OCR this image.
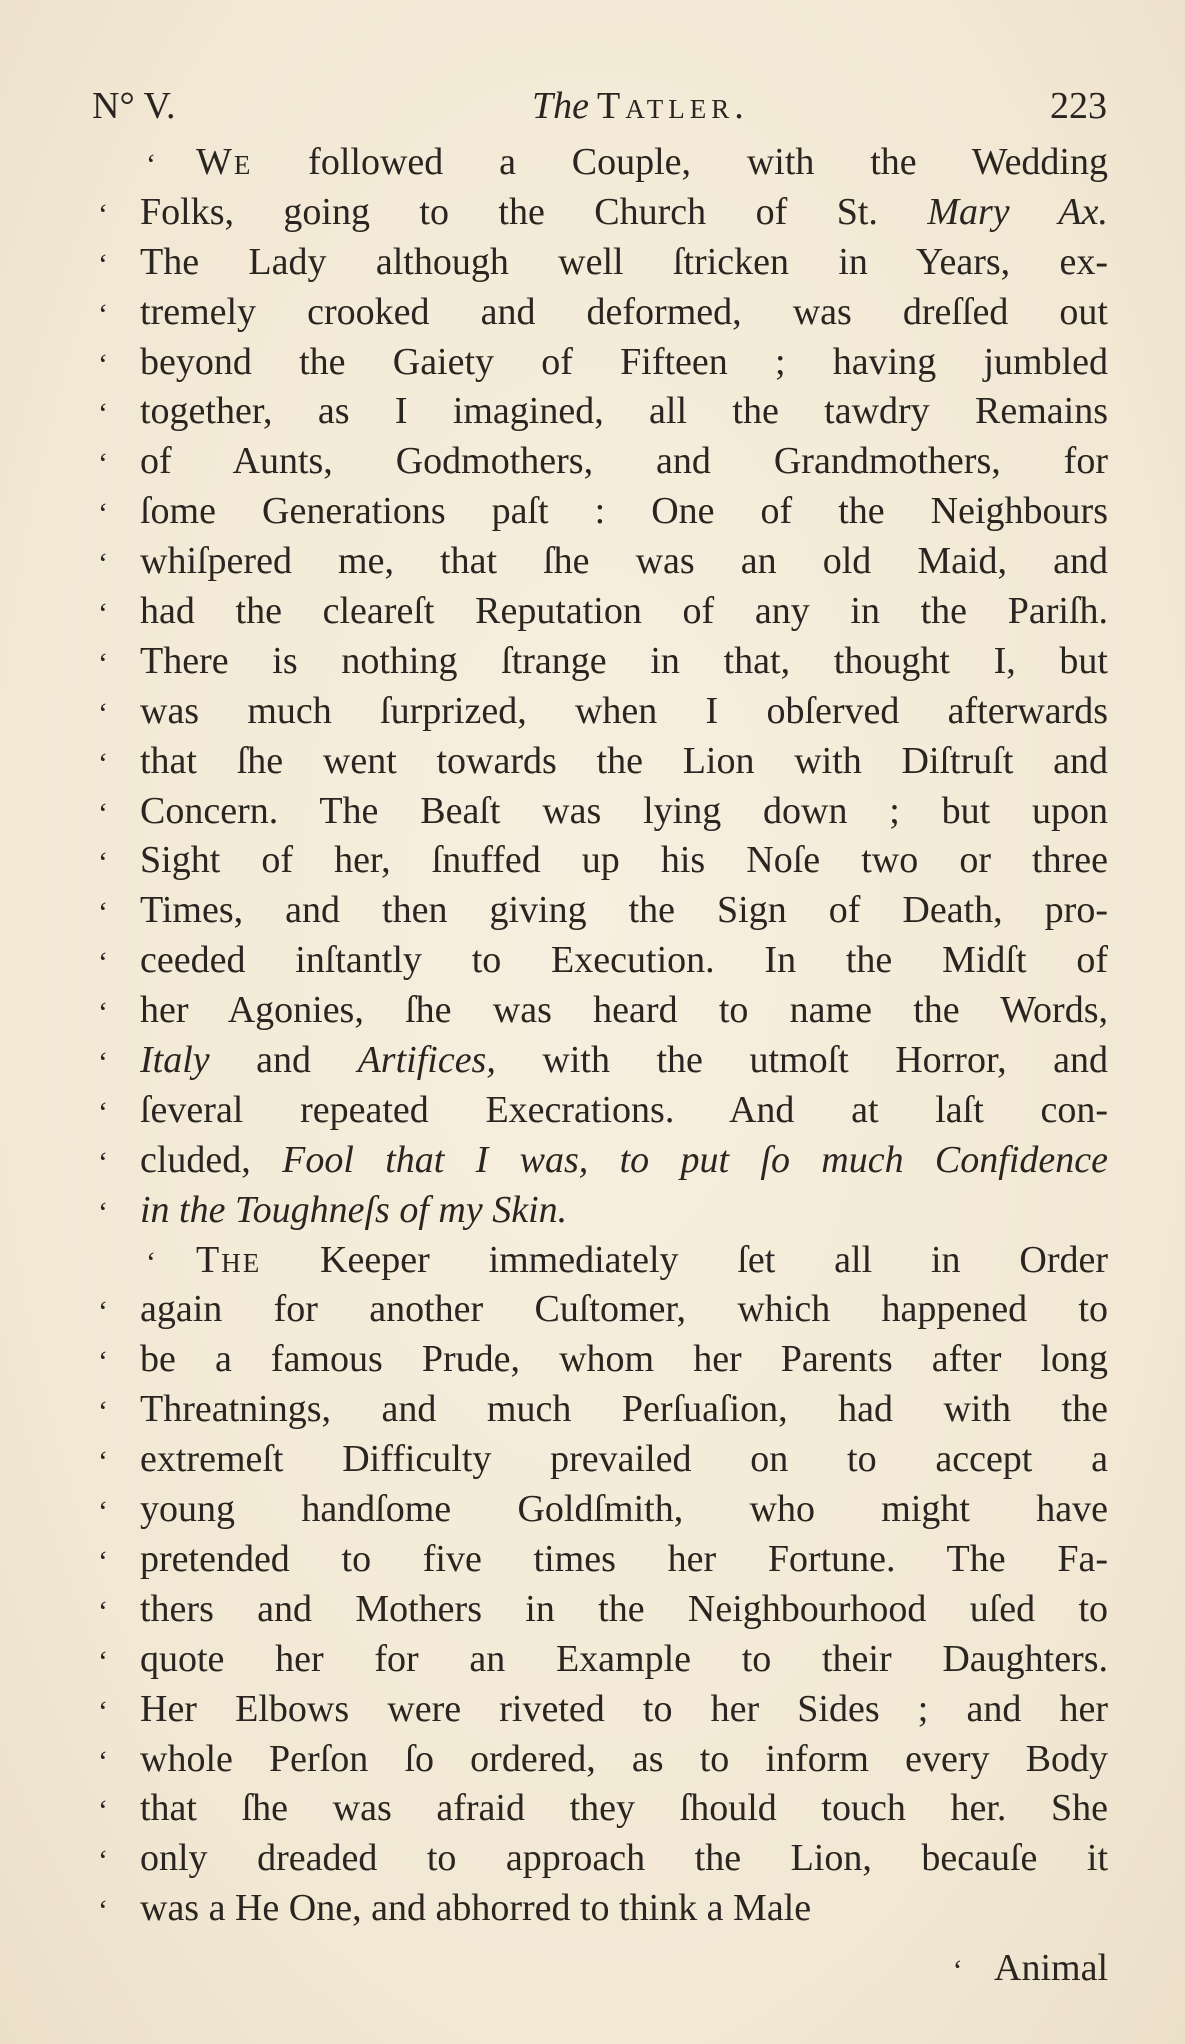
N° V.	The Tatler.	223
‘	We followed a Couple, with the Wedding
‘ Folks, going to the Church of St. Mary Ax.
‘ The Lady although well ſtricken in Years, ex-
‘ tremely crooked and deformed, was dreſſed out
‘ beyond the Gaiety of Fifteen ; having jumbled
‘ together, as I imagined, all the tawdry Remains
‘ of Aunts, Godmothers, and Grandmothers, for
‘ ſome Generations paſt : One of the Neighbours
‘ whiſpered me, that ſhe was an old Maid, and
‘ had the cleareſt Reputation of any in the Pariſh.
‘ There is nothing ſtrange in that, thought I, but
‘ was much ſurprized, when I obſerved afterwards
‘ that ſhe went towards the Lion with Diſtruſt and
‘ Concern. The Beaſt was lying down ; but upon
‘ Sight of her, ſnuffed up his Noſe two or three
‘ Times, and then giving the Sign of Death, pro-
‘ ceeded inſtantly to Execution. In the Midſt of
‘ her Agonies, ſhe was heard to name the Words,
‘ Italy and Artifices, with the utmoſt Horror, and
‘ ſeveral repeated Execrations. And at laſt con-
‘ cluded, Fool that I was, to put ſo much Confidence
‘ in the Toughneſs of my Skin.
‘	The Keeper immediately ſet all in Order
‘ again for another Cuſtomer, which happened to
‘ be a famous Prude, whom her Parents after long
‘ Threatnings, and much Perſuaſion, had with the
‘ extremeſt Difficulty prevailed on to accept a
‘ young handſome Goldſmith, who might have
‘ pretended to five times her Fortune. The Fa-
‘ thers and Mothers in the Neighbourhood uſed to
‘ quote her for an Example to their Daughters.
‘ Her Elbows were riveted to her Sides ; and her
‘ whole Perſon ſo ordered, as to inform every Body
‘ that ſhe was afraid they ſhould touch her. She
‘ only dreaded to approach the Lion, becauſe it
‘ was a He One, and abhorred to think a Male
‘ Animal
